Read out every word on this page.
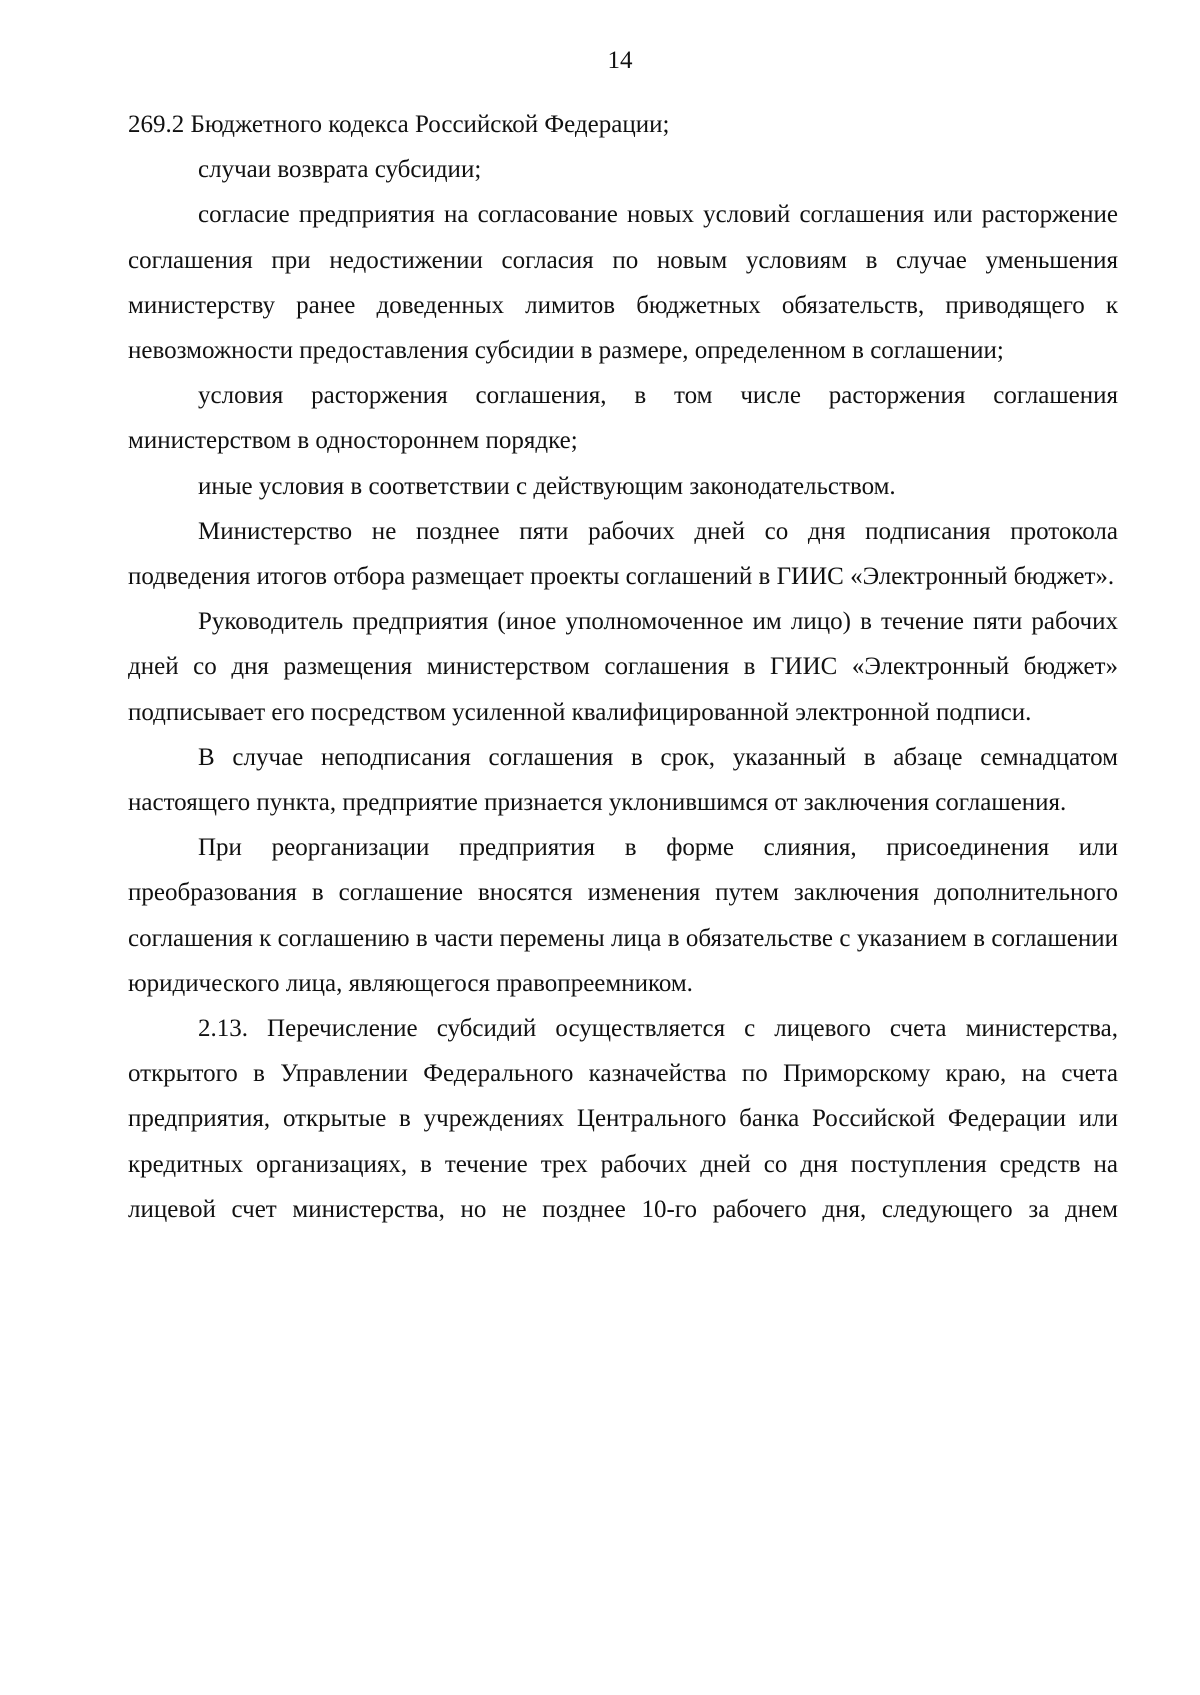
14

269.2 Бюджетного кодекса Российской Федерации;

случаи возврата субсидии;

согласие предприятия на согласование новых условий соглашения или расторжение соглашения при недостижении согласия по новым условиям в случае уменьшения министерству ранее доведенных лимитов бюджетных обязательств, приводящего к невозможности предоставления субсидии в размере, определенном в соглашении;

условия расторжения соглашения, в том числе расторжения соглашения министерством в одностороннем порядке;

иные условия в соответствии с действующим законодательством.

Министерство не позднее пяти рабочих дней со дня подписания протокола подведения итогов отбора размещает проекты соглашений в ГИИС «Электронный бюджет».

Руководитель предприятия (иное уполномоченное им лицо) в течение пяти рабочих дней со дня размещения министерством соглашения в ГИИС «Электронный бюджет» подписывает его посредством усиленной квалифицированной электронной подписи.

В случае неподписания соглашения в срок, указанный в абзаце семнадцатом настоящего пункта, предприятие признается уклонившимся от заключения соглашения.

При реорганизации предприятия в форме слияния, присоединения или преобразования в соглашение вносятся изменения путем заключения дополнительного соглашения к соглашению в части перемены лица в обязательстве с указанием в соглашении юридического лица, являющегося правопреемником.

2.13. Перечисление субсидий осуществляется с лицевого счета министерства, открытого в Управлении Федерального казначейства по Приморскому краю, на счета предприятия, открытые в учреждениях Центрального банка Российской Федерации или кредитных организациях, в течение трех рабочих дней со дня поступления средств на лицевой счет министерства, но не позднее 10-го рабочего дня, следующего за днем
